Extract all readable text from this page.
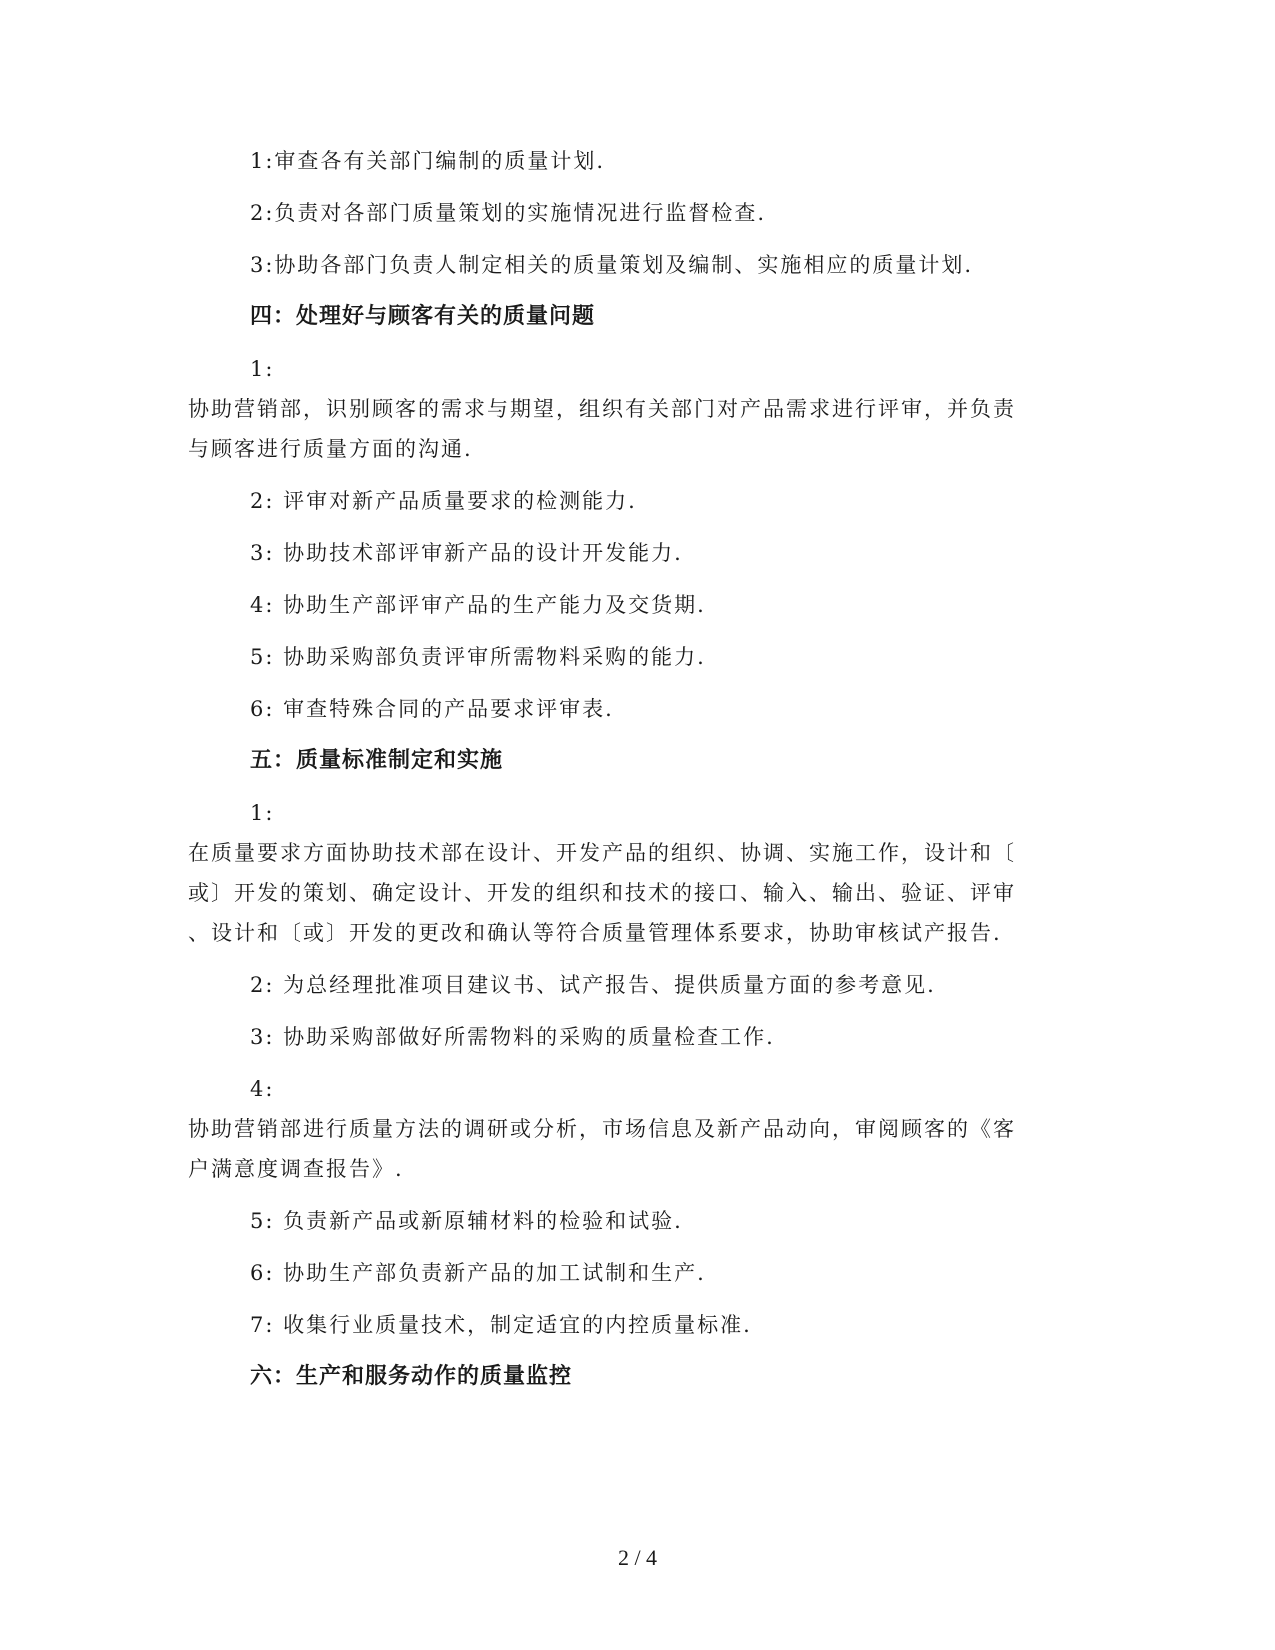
1:审查各有关部门编制的质量计划.
2:负责对各部门质量策划的实施情况进行监督检查.
3:协助各部门负责人制定相关的质量策划及编制、实施相应的质量计划.
四：处理好与顾客有关的质量问题
1:
协助营销部，识别顾客的需求与期望，组织有关部门对产品需求进行评审，并负责
与顾客进行质量方面的沟通.
2: 评审对新产品质量要求的检测能力.
3: 协助技术部评审新产品的设计开发能力.
4: 协助生产部评审产品的生产能力及交货期.
5: 协助采购部负责评审所需物料采购的能力.
6: 审查特殊合同的产品要求评审表.
五：质量标准制定和实施
1:
在质量要求方面协助技术部在设计、开发产品的组织、协调、实施工作，设计和〔
或〕开发的策划、确定设计、开发的组织和技术的接口、输入、输出、验证、评审
、设计和〔或〕开发的更改和确认等符合质量管理体系要求，协助审核试产报告.
2: 为总经理批准项目建议书、试产报告、提供质量方面的参考意见.
3: 协助采购部做好所需物料的采购的质量检查工作.
4:
协助营销部进行质量方法的调研或分析，市场信息及新产品动向，审阅顾客的《客
户满意度调查报告》.
5: 负责新产品或新原辅材料的检验和试验.
6: 协助生产部负责新产品的加工试制和生产.
7: 收集行业质量技术，制定适宜的内控质量标准.
六：生产和服务动作的质量监控
2 / 4
